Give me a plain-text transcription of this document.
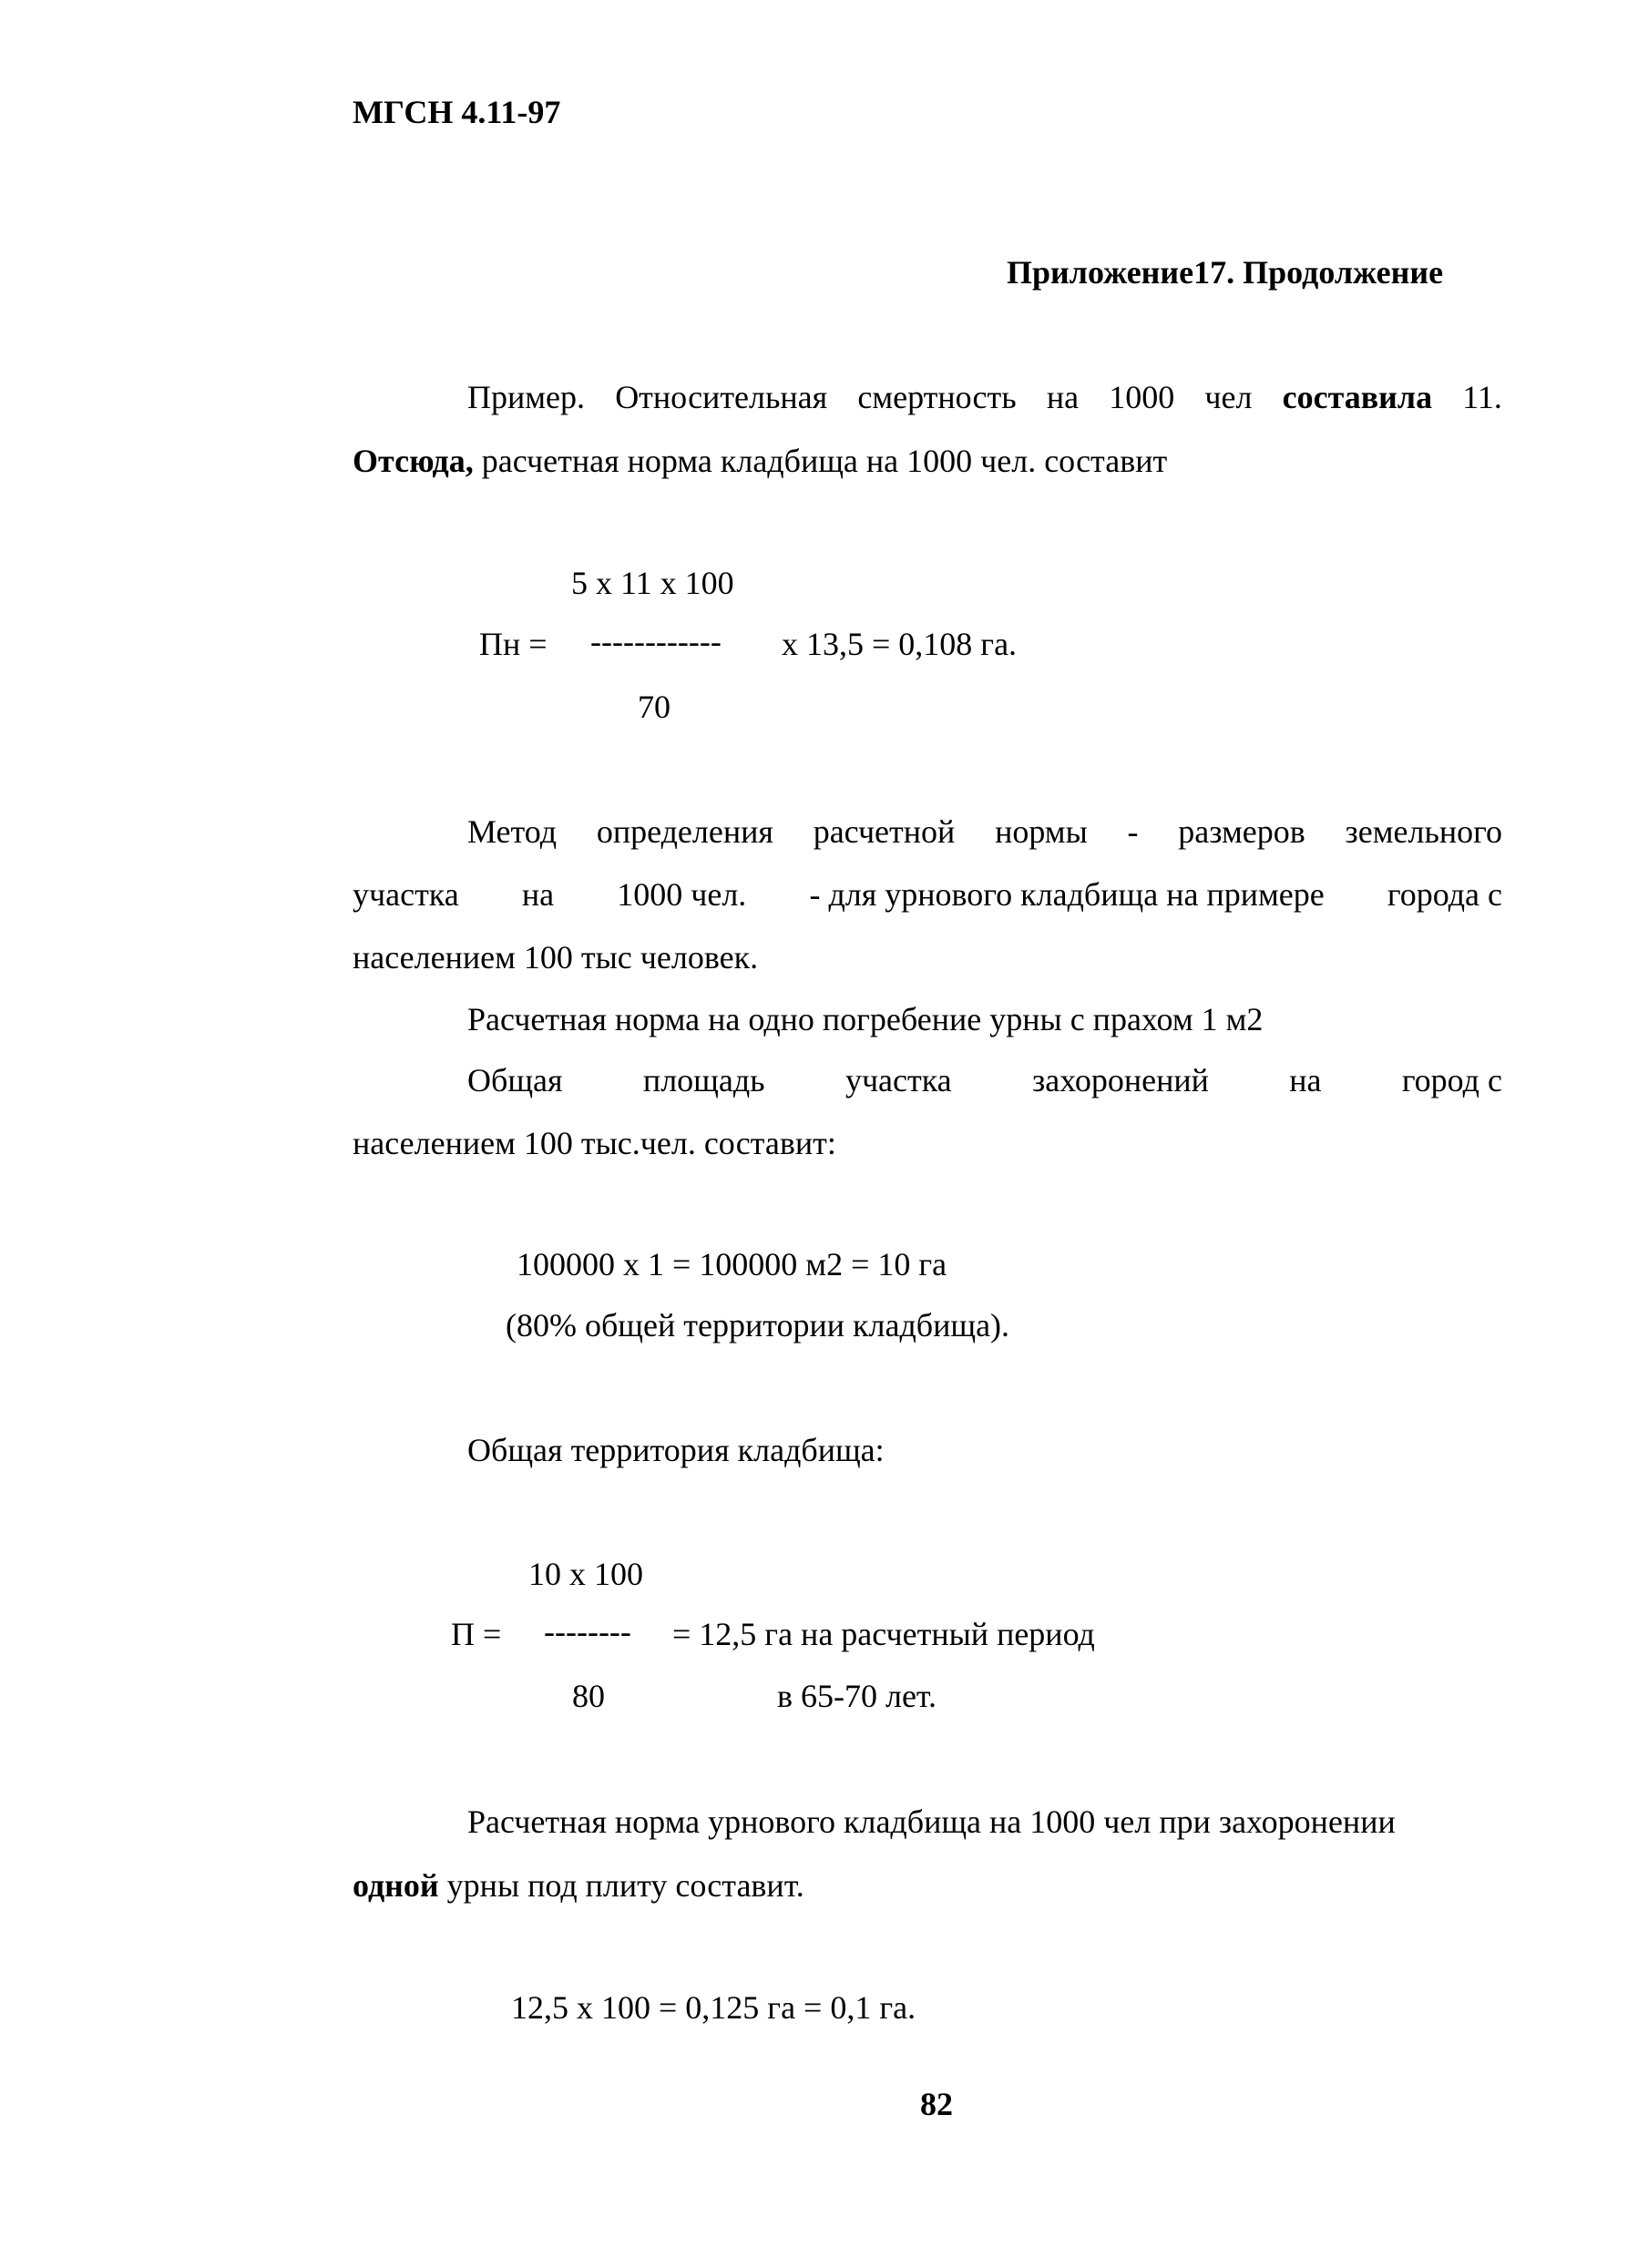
МГСН 4.11-97
Приложение17. Продолжение
Пример. Относительная смертность на 1000 чел составила 11.
Отсюда, расчетная норма кладбища на 1000 чел. составит
5 x 11 x 100
Пн = ------------ x 13,5 = 0,108 га.
70
Метод определения расчетной нормы - размеров земельного
участка на 1000 чел. - для урнового кладбища на примере города с
населением 100 тыс человек.
Расчетная норма на одно погребение урны с прахом 1 м2
Общая площадь участка захоронений на город с
населением 100 тыс.чел. составит:
100000 x 1 = 100000 м2 = 10 га
(80% общей территории кладбища).
Общая территория кладбища:
10 x 100
П = -------- = 12,5 га на расчетный период
80	в 65-70 лет.
Расчетная норма урнового кладбища на 1000 чел при захоронении
одной урны под плиту составит.
12,5 x 100 = 0,125 га = 0,1 га.
82
